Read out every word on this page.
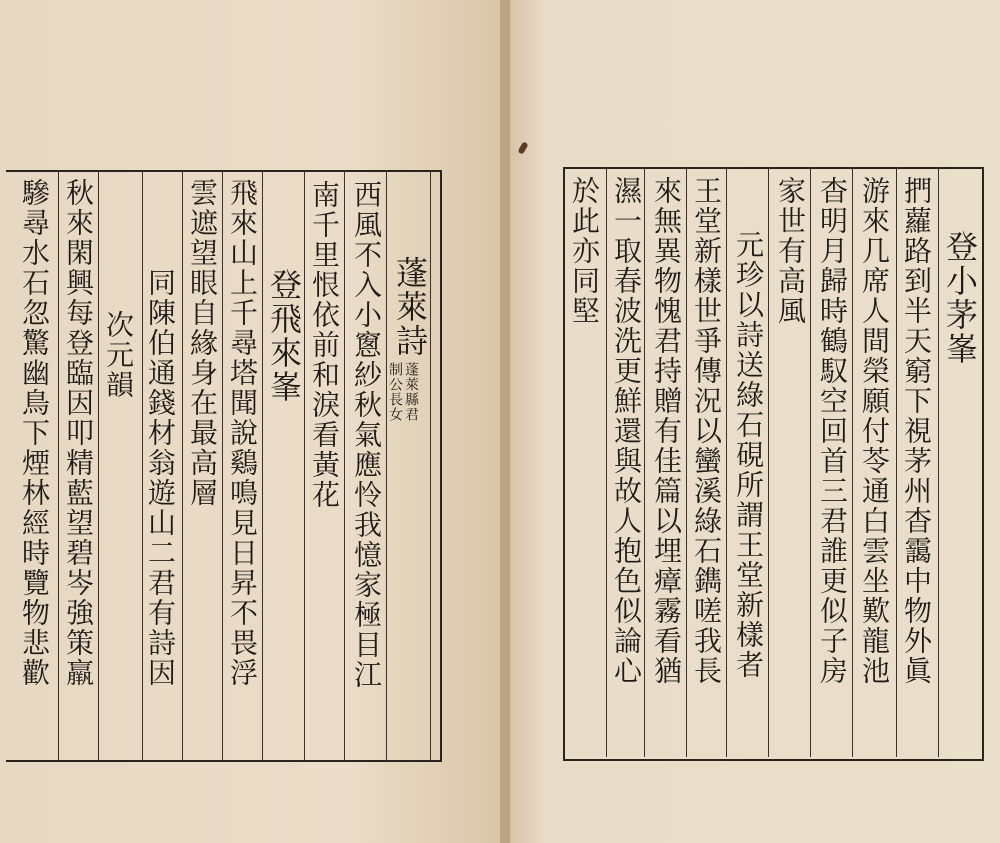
蓬萊詩
蓬萊縣君
制公長女
西風不入小窻紗秋氣應怜我憶家極目江
南千里恨依前和淚看黃花
登飛來峯
飛來山上千尋塔聞說鷄鳴見日昇不畏浮
雲遮望眼自緣身在最高層
同陳伯通錢材翁遊山二君有詩因
次元韻
秋來閑興每登臨因叩精藍望碧岑強策羸
驂尋水石忽驚幽鳥下煙林經時覽物悲歡	登小茅峯
捫蘿路到半天窮下視茅州杳靄中物外眞
游來几席人間榮願付苓通白雲坐歎龍池
杳明月歸時鶴馭空回首三君誰更似子房
家世有高風
元珍以詩送綠石硯所謂王堂新樣者
王堂新樣世爭傳況以蠻溪綠石鐫嗟我長
來無異物愧君持贈有佳篇以埋瘴霧看猶
濕一取春波洗更鮮還與故人抱色似論心
於此亦同堅
